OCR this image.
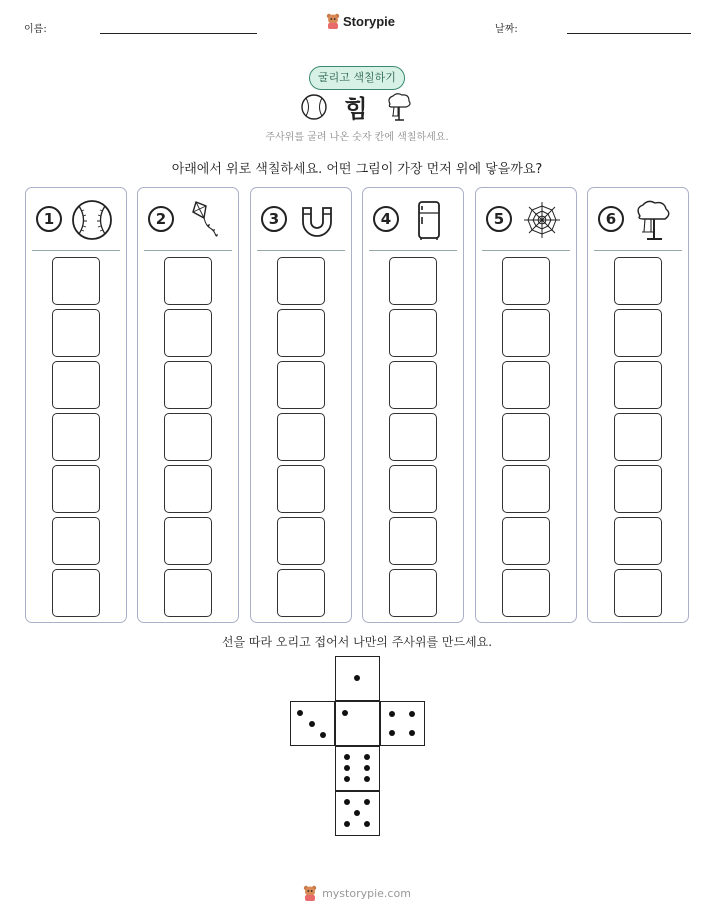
이름:
Storypie
날짜:
굴리고 색칠하기
힘
주사위를 굴려 나온 숫자 칸에 색칠하세요.
아래에서 위로 색칠하세요. 어떤 그림이 가장 먼저 위에 닿을까요?
1	2	3	4	5	6
선을 따라 오리고 접어서 나만의 주사위를 만드세요.
mystorypie.com
